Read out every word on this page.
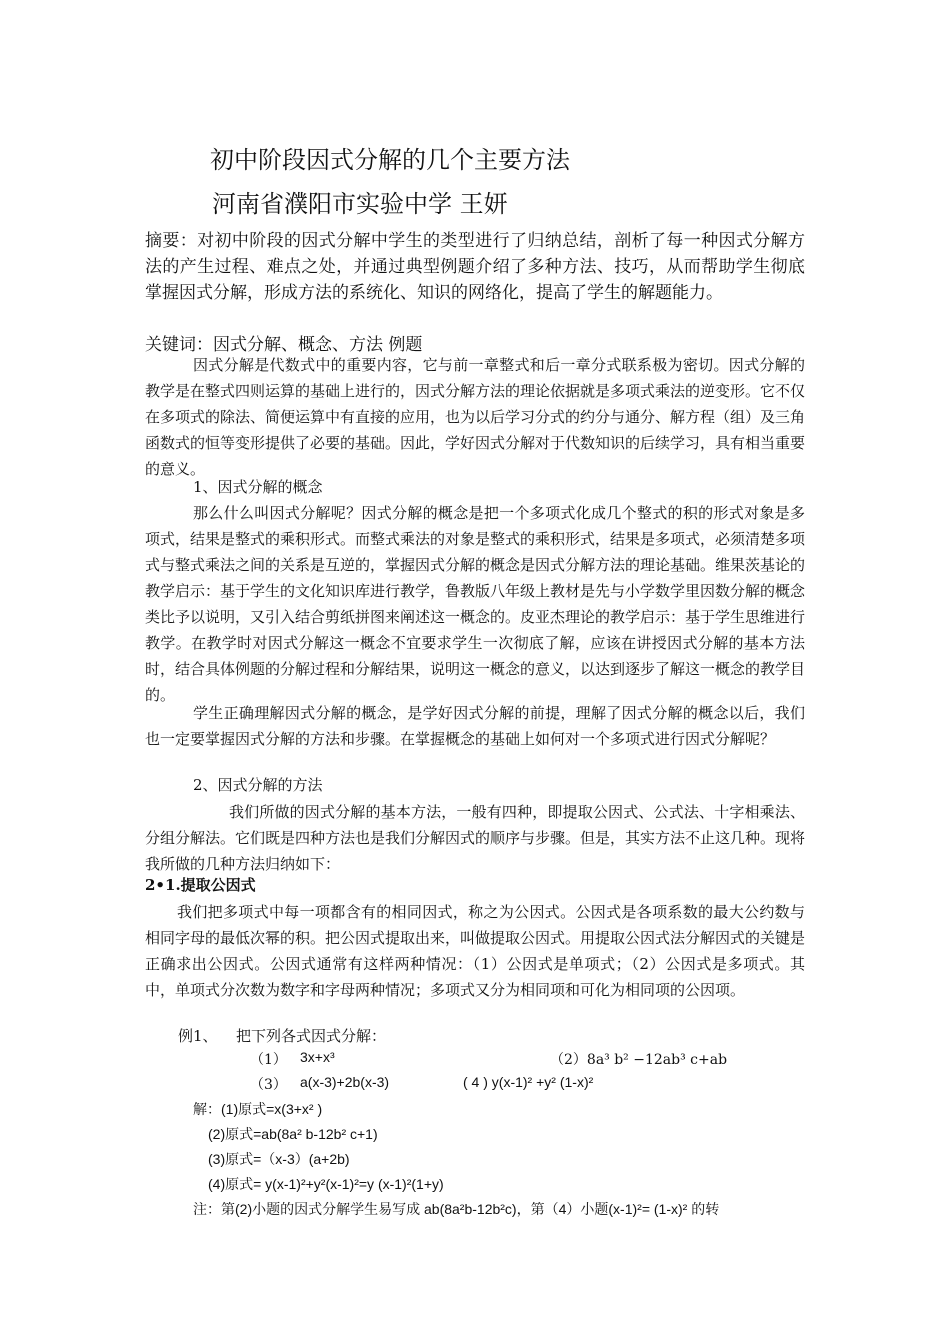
初中阶段因式分解的几个主要方法
河南省濮阳市实验中学 王妍
摘要：对初中阶段的因式分解中学生的类型进行了归纳总结，剖析了每一种因式分解方法的产生过程、难点之处，并通过典型例题介绍了多种方法、技巧，从而帮助学生彻底掌握因式分解，形成方法的系统化、知识的网络化，提高了学生的解题能力。
关键词：因式分解、概念、方法 例题
因式分解是代数式中的重要内容，它与前一章整式和后一章分式联系极为密切。因式分解的教学是在整式四则运算的基础上进行的，因式分解方法的理论依据就是多项式乘法的逆变形。它不仅在多项式的除法、简便运算中有直接的应用，也为以后学习分式的约分与通分、解方程（组）及三角函数式的恒等变形提供了必要的基础。因此，学好因式分解对于代数知识的后续学习，具有相当重要的意义。
1、因式分解的概念
那么什么叫因式分解呢？因式分解的概念是把一个多项式化成几个整式的积的形式对象是多项式，结果是整式的乘积形式。而整式乘法的对象是整式的乘积形式，结果是多项式，必须清楚多项式与整式乘法之间的关系是互逆的，掌握因式分解的概念是因式分解方法的理论基础。维果茨基论的教学启示：基于学生的文化知识库进行教学，鲁教版八年级上教材是先与小学数学里因数分解的概念类比予以说明，又引入结合剪纸拼图来阐述这一概念的。皮亚杰理论的教学启示：基于学生思维进行教学。在教学时对因式分解这一概念不宜要求学生一次彻底了解，应该在讲授因式分解的基本方法时，结合具体例题的分解过程和分解结果，说明这一概念的意义，以达到逐步了解这一概念的教学目的。
学生正确理解因式分解的概念，是学好因式分解的前提，理解了因式分解的概念以后，我们也一定要掌握因式分解的方法和步骤。在掌握概念的基础上如何对一个多项式进行因式分解呢？
2、因式分解的方法
我们所做的因式分解的基本方法，一般有四种，即提取公因式、公式法、十字相乘法、分组分解法。它们既是四种方法也是我们分解因式的顺序与步骤。但是，其实方法不止这几种。现将我所做的几种方法归纳如下：
2•1.提取公因式
我们把多项式中每一项都含有的相同因式，称之为公因式。公因式是各项系数的最大公约数与相同字母的最低次幂的积。把公因式提取出来，叫做提取公因式。用提取公因式法分解因式的关键是正确求出公因式。公因式通常有这样两种情况：（1）公因式是单项式；（2）公因式是多项式。其中，单项式分次数为数字和字母两种情况；多项式又分为相同项和可化为相同项的公因项。
例1、 把下列各式因式分解：
（1） 3x+x³	（2）8a³ b² −12ab³ c+ab
（3） a(x-3)+2b(x-3)	( 4 ) y(x-1)² +y² (1-x)²
解：(1)原式=x(3+x² )
(2)原式=ab(8a² b-12b² c+1)
(3)原式=（x-3）(a+2b)
(4)原式= y(x-1)²+y²(x-1)²=y (x-1)²(1+y)
注：第(2)小题的因式分解学生易写成 ab(8a²b-12b²c)，第（4）小题(x-1)²= (1-x)² 的转
